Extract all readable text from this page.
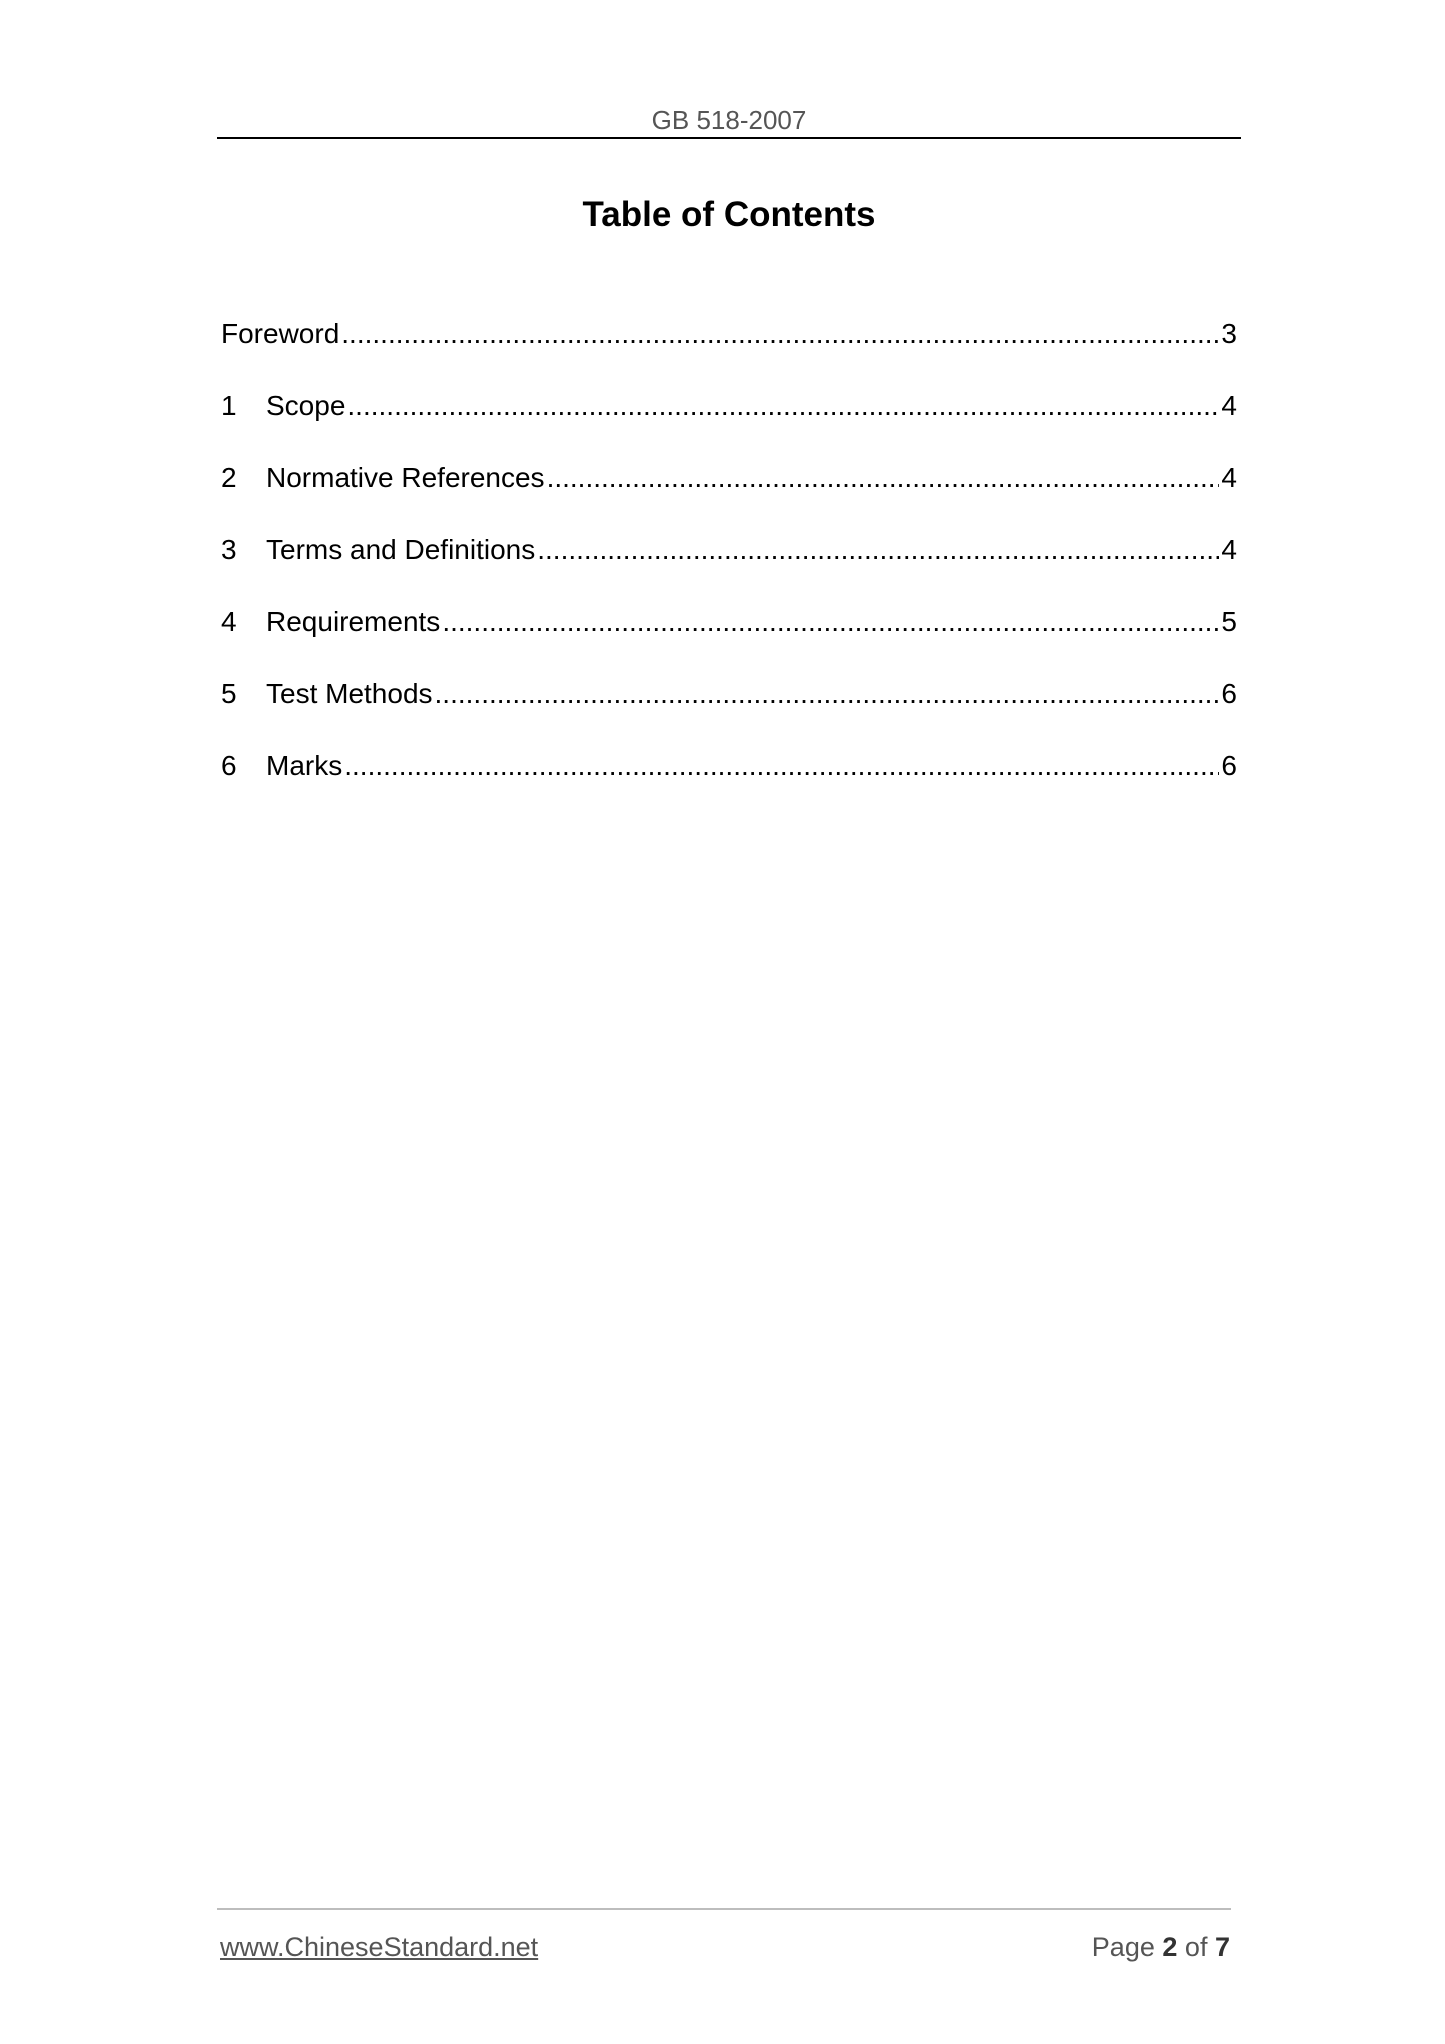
GB 518-2007
Table of Contents
Foreword .....	3
1	Scope .....	4
2	Normative References .....	4
3	Terms and Definitions .....	4
4	Requirements .....	5
5	Test Methods .....	6
6	Marks .....	6
www.ChineseStandard.net	Page 2 of 7
